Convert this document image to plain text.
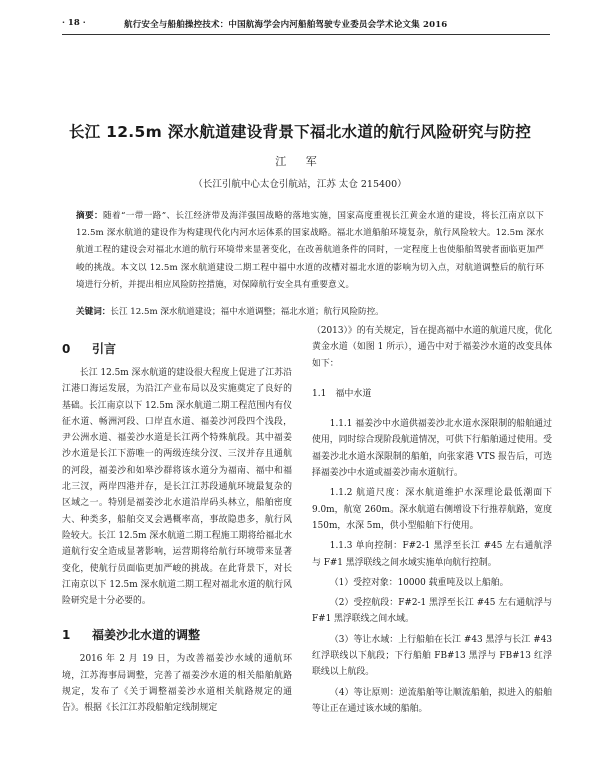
· 18 ·	航行安全与船舶操控技术：中国航海学会内河船舶驾驶专业委员会学术论文集 2016
长江 12.5m 深水航道建设背景下福北水道的航行风险研究与防控
江 军
（长江引航中心太仓引航站，江苏 太仓 215400）
摘要：随着“一带一路”、长江经济带及海洋强国战略的落地实施，国家高度重视长江黄金水道的建设，将长江南京以下 12.5m 深水航道的建设作为构建现代化内河水运体系的国家战略。福北水道船舶环境复杂，航行风险较大。12.5m 深水航道工程的建设会对福北水道的航行环境带来显著变化，在改善航道条件的同时，一定程度上也使船舶驾驶者面临更加严峻的挑战。本文以 12.5m 深水航道建设二期工程中福中水道的改槽对福北水道的影响为切入点，对航道调整后的航行环境进行分析，并提出相应风险防控措施，对保障航行安全具有重要意义。
关键词：长江 12.5m 深水航道建设；福中水道调整；福北水道；航行风险防控。
0 引言

长江 12.5m 深水航道的建设很大程度上促进了江苏沿江港口海运发展，为沿江产业布局以及实施奠定了良好的基础。长江南京以下 12.5m 深水航道二期工程范围内有仪征水道、畅洲河段、口岸直水道、福姜沙河段四个浅段，尹公洲水道、福姜沙水道是长江两个特殊航段。其中福姜沙水道是长江下游唯一的两级连续分汊、三汊并存且通航的河段，福姜沙和如皋沙群将该水道分为福南、福中和福北三汊，两岸四港并存，是长江江苏段通航环境最复杂的区域之一。特别是福姜沙北水道沿岸码头林立，船舶密度大、种类多，船舶交叉会遇概率高，事故隐患多，航行风险较大。长江 12.5m 深水航道二期工程施工期将给福北水道航行安全造成显著影响，运营期将给航行环境带来显著变化，使航行员面临更加严峻的挑战。在此背景下，对长江南京以下 12.5m 深水航道二期工程对福北水道的航行风险研究是十分必要的。

1 福姜沙北水道的调整

2016 年 2 月 19 日，为改善福姜沙水域的通航环境，江苏海事局调整，完善了福姜沙水道的相关船舶航路规定，发布了《关于调整福姜沙水道相关航路规定的通告》。根据《长江江苏段船舶定线制规定

（2013）》的有关规定，旨在提高福中水道的航道尺度，优化黄金水道（如图 1 所示），通告中对于福姜沙水道的改变具体如下：

1.1　福中水道

1.1.1 福姜沙中水道供福姜沙北水道水深限制的船舶通过使用，同时综合现阶段航道情况，可供下行船舶通过使用。受福姜沙北水道水深限制的船舶，向张家港 VTS 报告后，可选择福姜沙中水道或福姜沙南水道航行。

1.1.2 航道尺度：深水航道维护水深理论最低潮面下 9.0m，航宽 260m。深水航道右侧增设下行推荐航路，宽度 150m，水深 5m，供小型船舶下行使用。

1.1.3 单向控制：F#2-1 黑浮至长江 #45 左右通航浮与 F#1 黑浮联线之间水域实施单向航行控制。

（1）受控对象：10000 载重吨及以上船舶。

（2）受控航段：F#2-1 黑浮至长江 #45 左右通航浮与 F#1 黑浮联线之间水域。

（3）等让水域：上行船舶在长江 #43 黑浮与长江 #43 红浮联线以下航段；下行船舶 FB#13 黑浮与 FB#13 红浮联线以上航段。

（4）等让原则：逆流船舶等让顺流船舶，拟进入的船舶等让正在通过该水域的船舶。
